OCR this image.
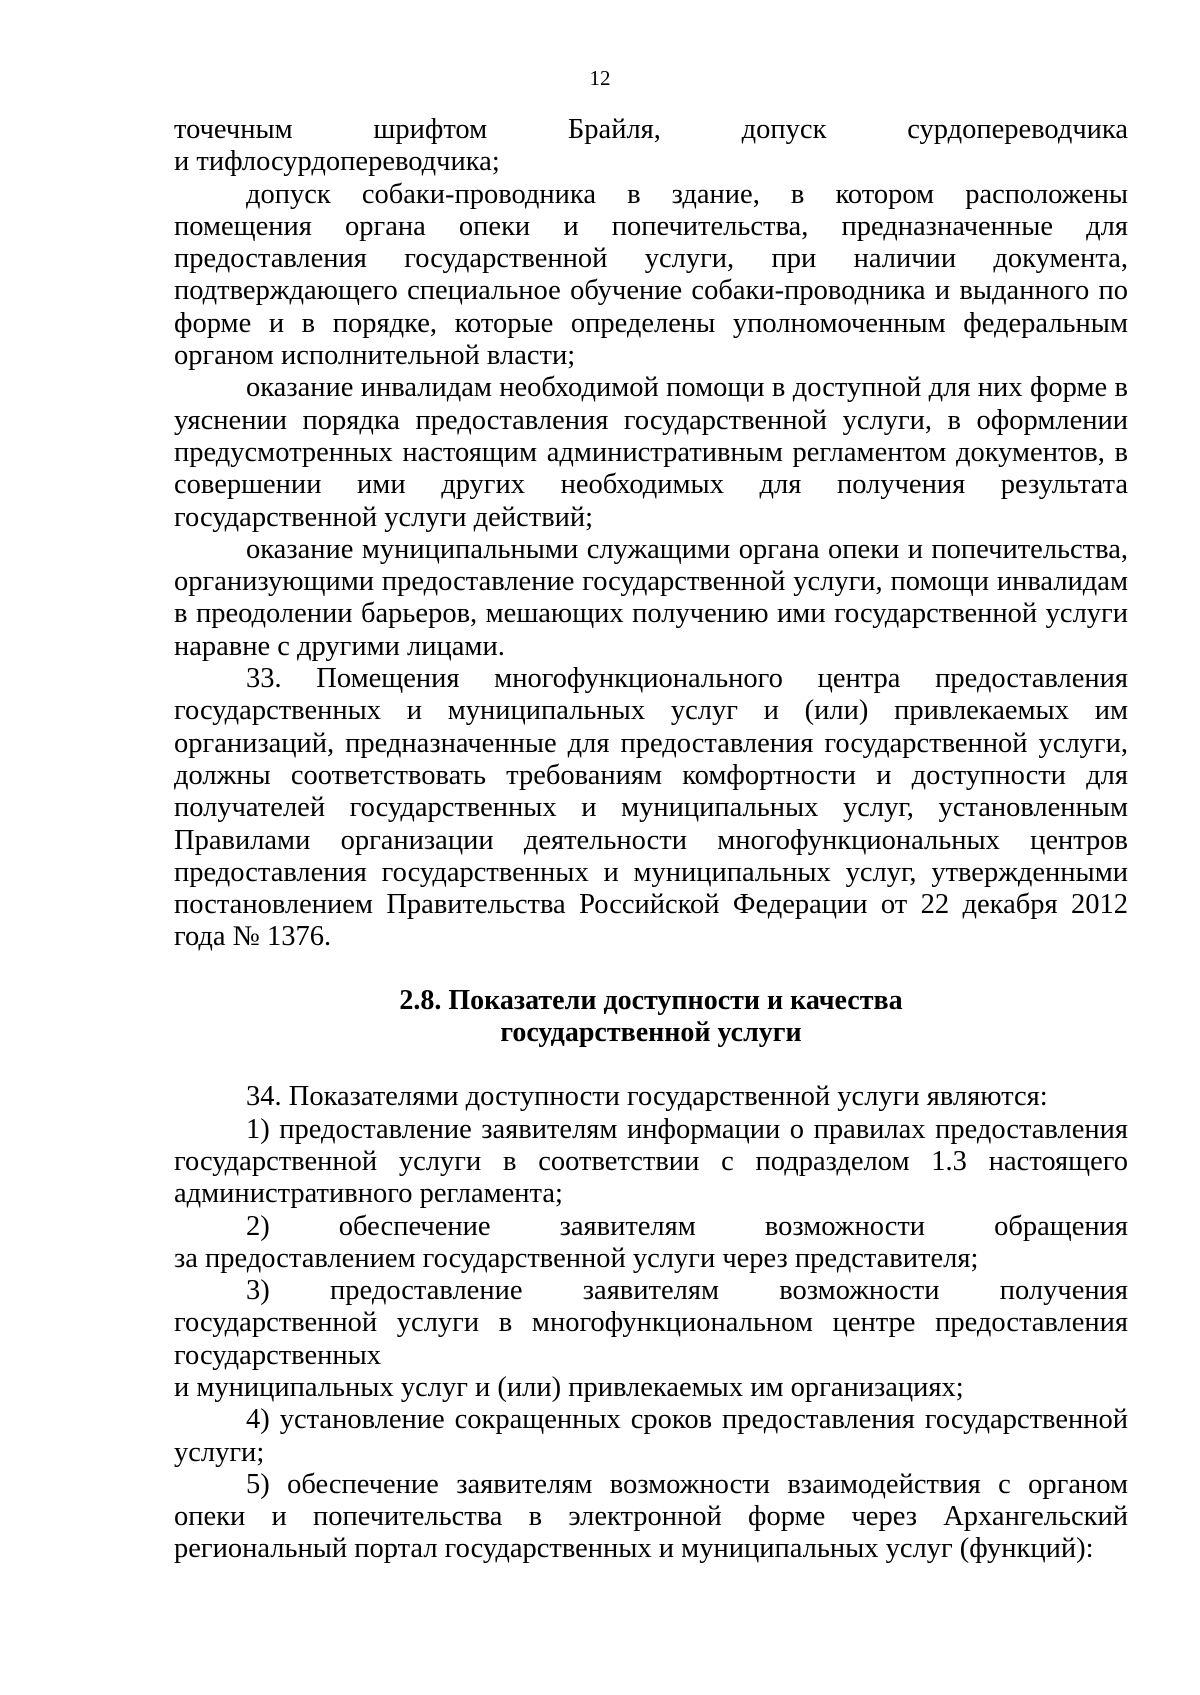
12

точечным шрифтом Брайля, допуск сурдопереводчика
и тифлосурдопереводчика;

допуск собаки-проводника в здание, в котором расположены помещения органа опеки и попечительства, предназначенные для предоставления государственной услуги, при наличии документа, подтверждающего специальное обучение собаки-проводника и выданного по форме и в порядке, которые определены уполномоченным федеральным органом исполнительной власти;

оказание инвалидам необходимой помощи в доступной для них форме в уяснении порядка предоставления государственной услуги, в оформлении предусмотренных настоящим административным регламентом документов, в совершении ими других необходимых для получения результата государственной услуги действий;

оказание муниципальными служащими органа опеки и попечительства, организующими предоставление государственной услуги, помощи инвалидам в преодолении барьеров, мешающих получению ими государственной услуги наравне с другими лицами.

33. Помещения многофункционального центра предоставления государственных и муниципальных услуг и (или) привлекаемых им организаций, предназначенные для предоставления государственной услуги, должны соответствовать требованиям комфортности и доступности для получателей государственных и муниципальных услуг, установленным Правилами организации деятельности многофункциональных центров предоставления государственных и муниципальных услуг, утвержденными постановлением Правительства Российской Федерации от 22 декабря 2012 года № 1376.

2.8. Показатели доступности и качества
государственной услуги

34. Показателями доступности государственной услуги являются:

1) предоставление заявителям информации о правилах предоставления государственной услуги в соответствии с подразделом 1.3 настоящего административного регламента;

2) обеспечение заявителям возможности обращения
за предоставлением государственной услуги через представителя;

3) предоставление заявителям возможности получения
государственной услуги в многофункциональном центре предоставления
государственных
и муниципальных услуг и (или) привлекаемых им организациях;

4) установление сокращенных сроков предоставления государственной услуги;

5) обеспечение заявителям возможности взаимодействия с органом опеки и попечительства в электронной форме через Архангельский региональный портал государственных и муниципальных услуг (функций):
